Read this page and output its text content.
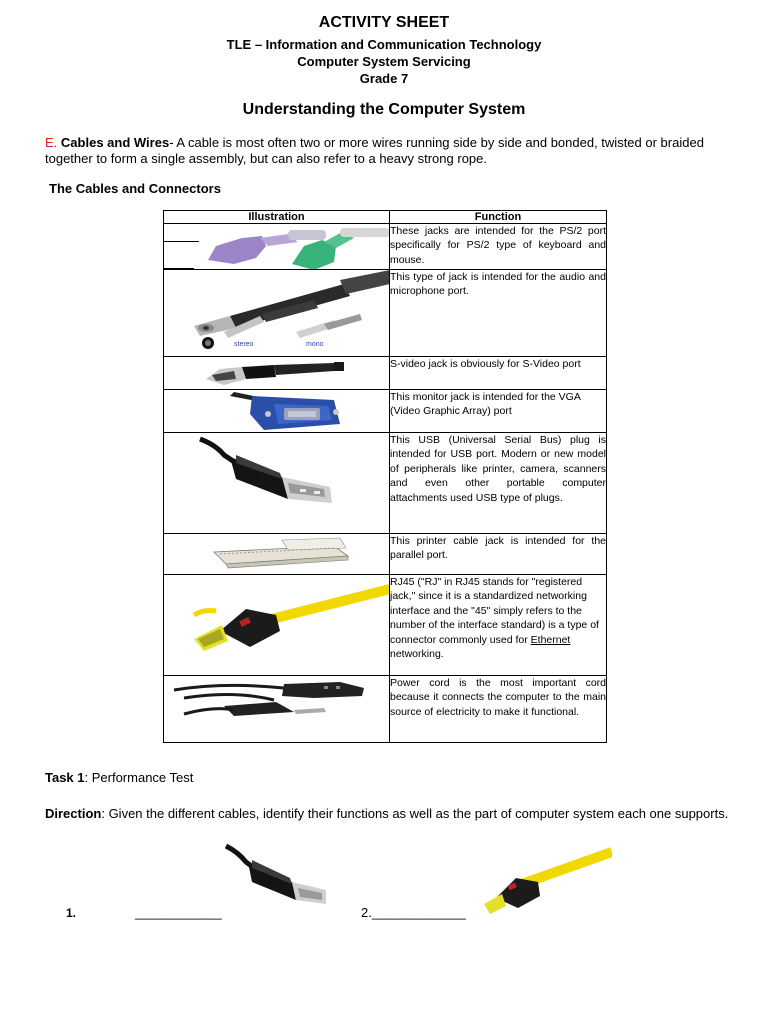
ACTIVITY SHEET
TLE – Information and Communication Technology
Computer System Servicing
Grade 7
Understanding the Computer System
E. Cables and Wires- A cable is most often two or more wires running side by side and bonded, twisted or braided together to form a single assembly, but can also refer to a heavy strong rope.
The Cables and Connectors
Illustration	Function

	These jacks are intended for the PS/2 port specifically for PS/2 type of keyboard and mouse.

stereo mono	This type of jack is intended for the audio and microphone port.

	S-video jack is obviously for S-Video port

	This monitor jack is intended for the VGA (Video Graphic Array) port

	This USB (Universal Serial Bus) plug is intended for USB port. Modern or new model of peripherals like printer, camera, scanners and even other portable computer attachments used USB type of plugs.

	This printer cable jack is intended for the parallel port.

	RJ45 ("RJ" in RJ45 stands for "registered jack," since it is a standardized networking interface and the "45" simply refers to the number of the interface standard) is a type of connector commonly used for Ethernet networking.

	Power cord is the most important cord because it connects the computer to the main source of electricity to make it functional.
Task 1: Performance Test
Direction: Given the different cables, identify their functions as well as the part of computer system each one supports.
1.	____________	2._____________
